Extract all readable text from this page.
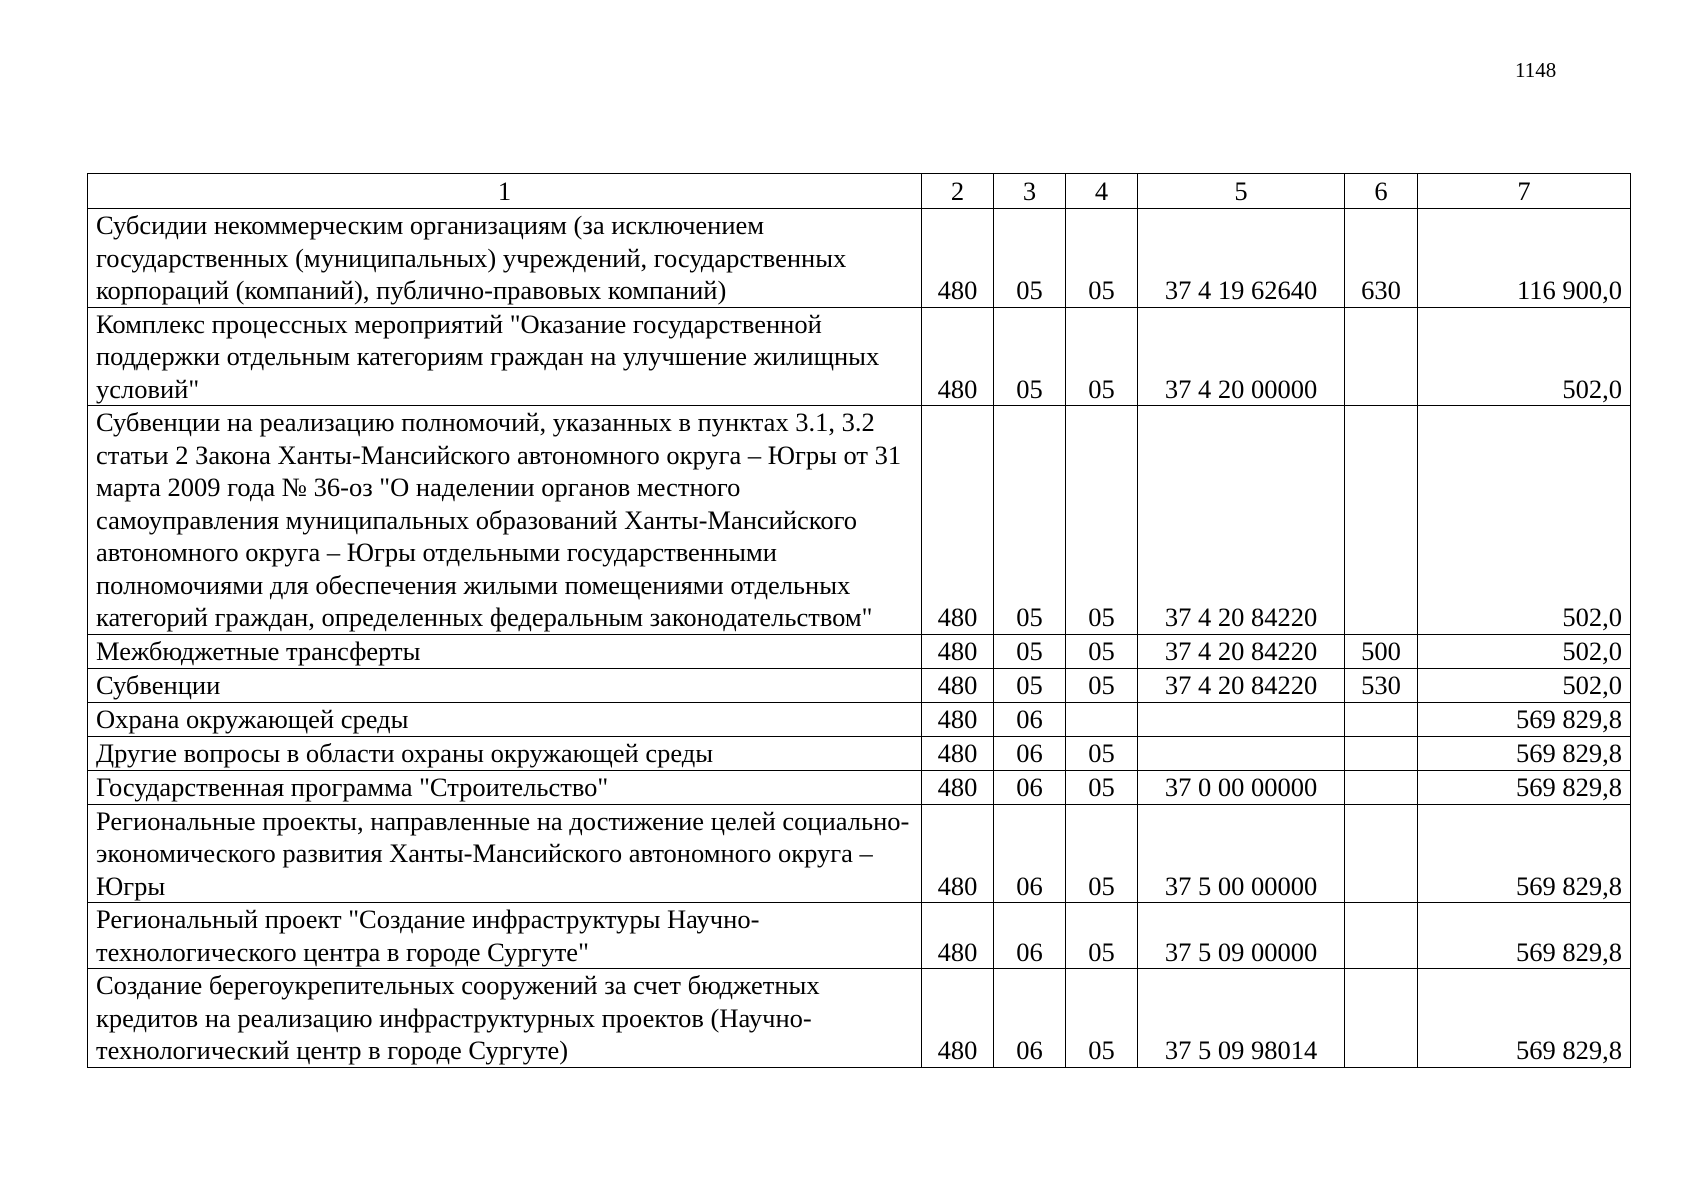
1148
1	2	3	4	5	6	7
Субсидии некоммерческим организациям (за исключением государственных (муниципальных) учреждений, государственных корпораций (компаний), публично-правовых компаний)	480	05	05	37 4 19 62640	630	116 900,0
Комплекс процессных мероприятий "Оказание государственной поддержки отдельным категориям граждан на улучшение жилищных условий"	480	05	05	37 4 20 00000		502,0
Субвенции на реализацию полномочий, указанных в пунктах 3.1, 3.2 статьи 2 Закона Ханты-Мансийского автономного округа – Югры от 31 марта 2009 года № 36-оз "О наделении органов местного самоуправления муниципальных образований Ханты-Мансийского автономного округа – Югры отдельными государственными полномочиями для обеспечения жилыми помещениями отдельных категорий граждан, определенных федеральным законодательством"	480	05	05	37 4 20 84220		502,0
Межбюджетные трансферты	480	05	05	37 4 20 84220	500	502,0
Субвенции	480	05	05	37 4 20 84220	530	502,0
Охрана окружающей среды	480	06				569 829,8
Другие вопросы в области охраны окружающей среды	480	06	05			569 829,8
Государственная программа "Строительство"	480	06	05	37 0 00 00000		569 829,8
Региональные проекты, направленные на достижение целей социально-экономического развития Ханты-Мансийского автономного округа – Югры	480	06	05	37 5 00 00000		569 829,8
Региональный проект "Создание инфраструктуры Научно-технологического центра в городе Сургуте"	480	06	05	37 5 09 00000		569 829,8
Создание берегоукрепительных сооружений за счет бюджетных кредитов на реализацию инфраструктурных проектов (Научно-технологический центр в городе Сургуте)	480	06	05	37 5 09 98014		569 829,8
